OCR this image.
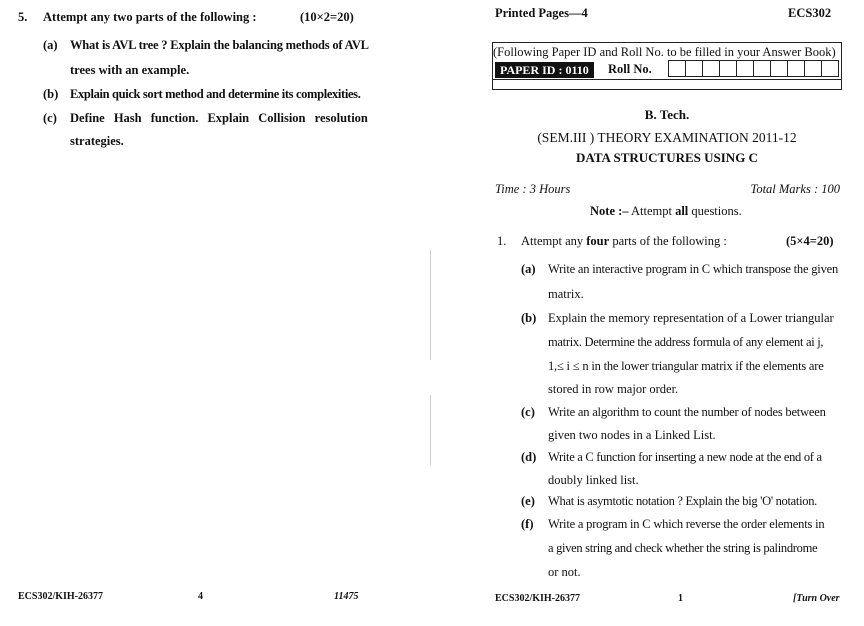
5. Attempt any two parts of the following :	(10×2=20)
(a) What is AVL tree ? Explain the balancing methods of AVL
trees with an example.
(b) Explain quick sort method and determine its complexities.
(c) Define Hash function. Explain Collision resolution
strategies.
ECS302/KIH-26377	4	11475
Printed Pages—4	ECS302
(Following Paper ID and Roll No. to be filled in your Answer Book)
PAPER ID : 0110	Roll No.
B. Tech.
(SEM.III ) THEORY EXAMINATION 2011-12
DATA STRUCTURES USING C
Time : 3 Hours	Total Marks : 100
Note :– Attempt all questions.
1. Attempt any four parts of the following :	(5×4=20)
(a) Write an interactive program in C which transpose the given
matrix.
(b) Explain the memory representation of a Lower triangular
matrix. Determine the address formula of any element ai j,
1,≤ i ≤ n in the lower triangular matrix if the elements are
stored in row major order.
(c) Write an algorithm to count the number of nodes between
given two nodes in a Linked List.
(d) Write a C function for inserting a new node at the end of a
doubly linked list.
(e) What is asymtotic notation ? Explain the big 'O' notation.
(f) Write a program in C which reverse the order elements in
a given string and check whether the string is palindrome
or not.
ECS302/KIH-26377	1	[Turn Over
